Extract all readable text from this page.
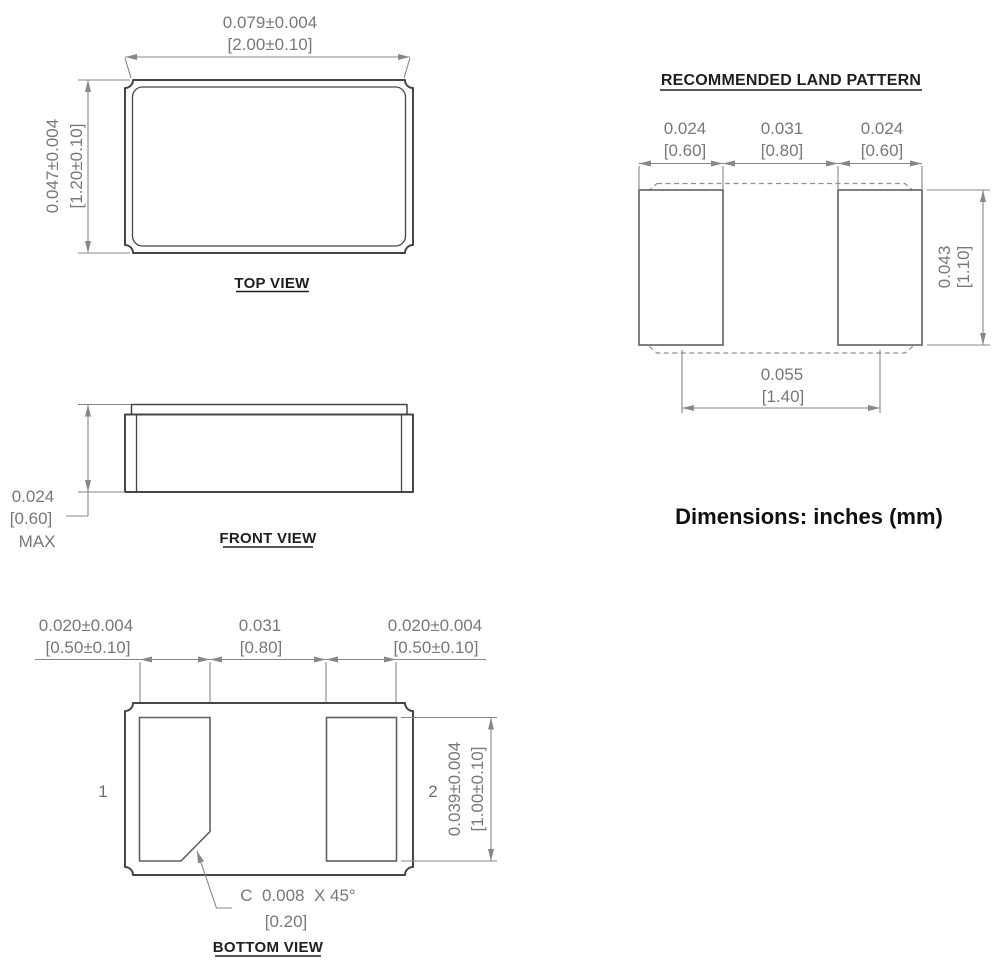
0.079±0.004
[2.00±0.10]
0.047±0.004 [1.20±0.10]
TOP VIEW
0.024
[0.60]
MAX	FRONT VIEW
0.020±0.004
[0.50±0.10]
0.031
[0.80]
0.020±0.004
[0.50±0.10]
1	2 0.039±0.004 [1.00±0.10]
C  0.008  X 45°
[0.20]
BOTTOM VIEW
RECOMMENDED LAND PATTERN
0.024
[0.60]
0.031
[0.80]
0.024
[0.60]
0.043 [1.10]
0.055
[1.40]
Dimensions: inches (mm)
